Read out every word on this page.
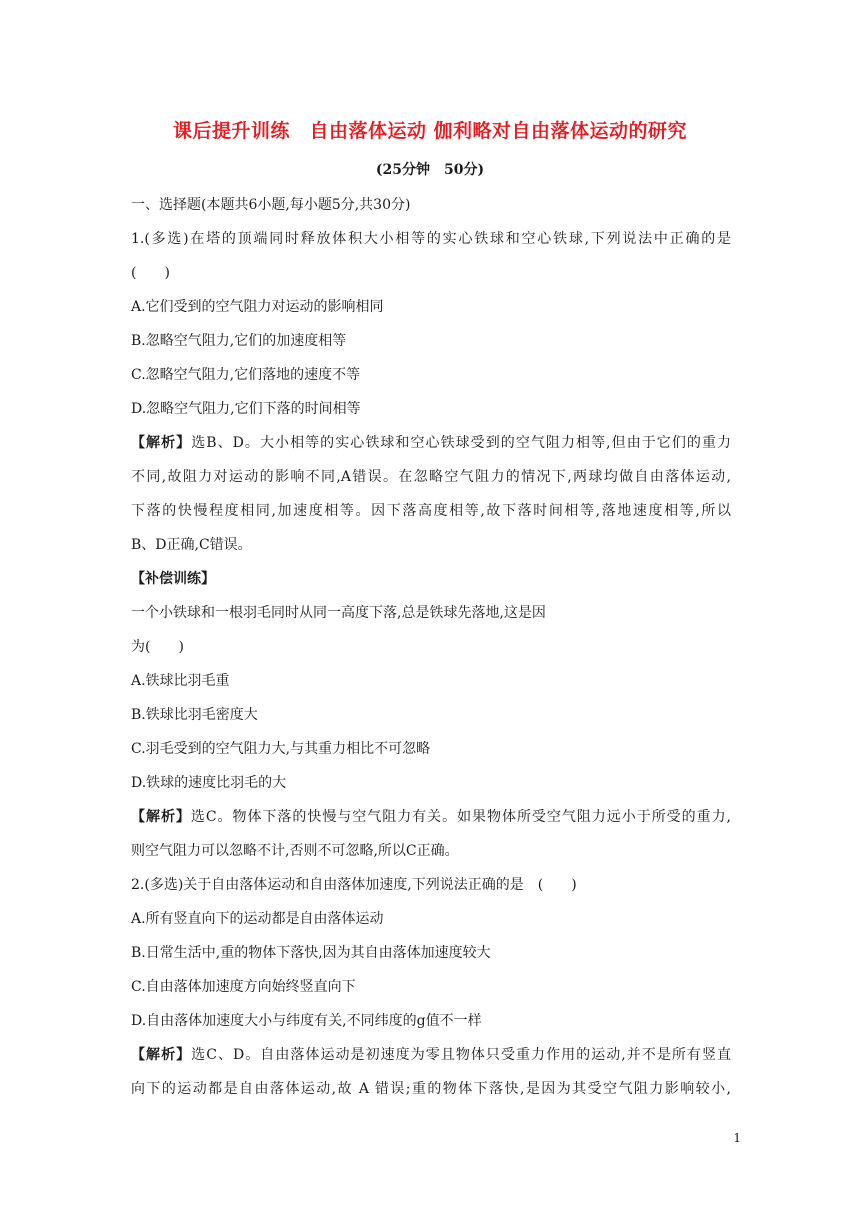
课后提升训练　自由落体运动 伽利略对自由落体运动的研究
(25分钟　50分)
一、选择题(本题共6小题,每小题5分,共30分)
1.(多选)在塔的顶端同时释放体积大小相等的实心铁球和空心铁球,下列说法中正确的是
(　　)
A.它们受到的空气阻力对运动的影响相同
B.忽略空气阻力,它们的加速度相等
C.忽略空气阻力,它们落地的速度不等
D.忽略空气阻力,它们下落的时间相等
【解析】选B、D。大小相等的实心铁球和空心铁球受到的空气阻力相等,但由于它们的重力
不同,故阻力对运动的影响不同,A错误。在忽略空气阻力的情况下,两球均做自由落体运动,
下落的快慢程度相同,加速度相等。因下落高度相等,故下落时间相等,落地速度相等,所以
B、D正确,C错误。
【补偿训练】
一个小铁球和一根羽毛同时从同一高度下落,总是铁球先落地,这是因
为(　　)
A.铁球比羽毛重
B.铁球比羽毛密度大
C.羽毛受到的空气阻力大,与其重力相比不可忽略
D.铁球的速度比羽毛的大
【解析】选C。物体下落的快慢与空气阻力有关。如果物体所受空气阻力远小于所受的重力,
则空气阻力可以忽略不计,否则不可忽略,所以C正确。
2.(多选)关于自由落体运动和自由落体加速度,下列说法正确的是　(　　)
A.所有竖直向下的运动都是自由落体运动
B.日常生活中,重的物体下落快,因为其自由落体加速度较大
C.自由落体加速度方向始终竖直向下
D.自由落体加速度大小与纬度有关,不同纬度的g值不一样
【解析】选C、D。自由落体运动是初速度为零且物体只受重力作用的运动,并不是所有竖直
向下的运动都是自由落体运动,故 A 错误;重的物体下落快,是因为其受空气阻力影响较小,
1
